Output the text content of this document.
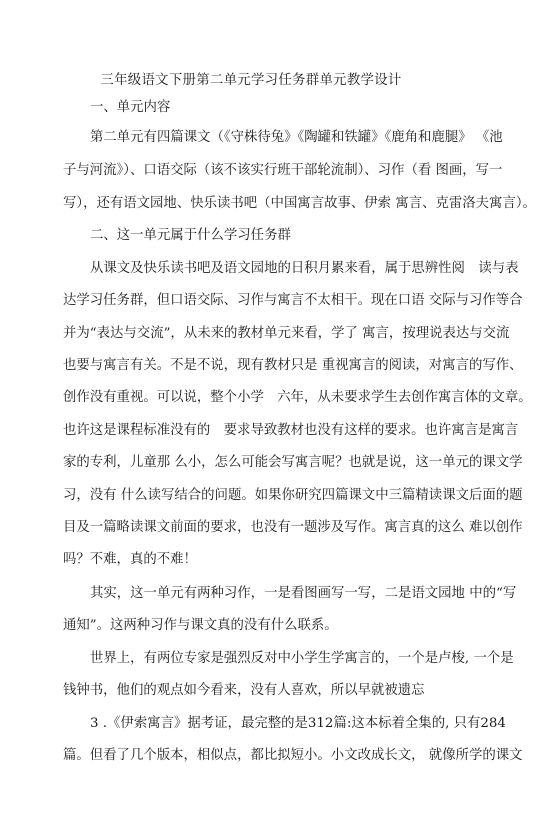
三年级语文下册第二单元学习任务群单元教学设计
一、单元内容
第二单元有四篇课文（《守株待兔》《陶罐和铁罐》《鹿角和鹿腿》 《池
子与河流》）、口语交际（该不该实行班干部轮流制）、习作（看 图画，写一
写），还有语文园地、快乐读书吧（中国寓言故事、伊索 寓言、克雷洛夫寓言）。
二、这一单元属于什么学习任务群
从课文及快乐读书吧及语文园地的日积月累来看，属于思辨性阅　读与表
达学习任务群，但口语交际、习作与寓言不太相干。现在口语 交际与习作等合
并为“表达与交流”，从未来的教材单元来看，学了 寓言，按理说表达与交流
也要与寓言有关。不是不说，现有教材只是 重视寓言的阅读，对寓言的写作、
创作没有重视。可以说，整个小学　六年，从未要求学生去创作寓言体的文章。
也许这是课程标准没有的　要求导致教材也没有这样的要求。也许寓言是寓言
家的专利，儿童那 么小，怎么可能会写寓言呢？也就是说，这一单元的课文学
习，没有 什么读写结合的问题。如果你研究四篇课文中三篇精读课文后面的题
目及一篇略读课文前面的要求，也没有一题涉及写作。寓言真的这么 难以创作
吗？不难，真的不难！
其实，这一单元有两种习作，一是看图画写一写，二是语文园地 中的“写
通知”。这两种习作与课文真的没有什么联系。
世界上，有两位专家是强烈反对中小学生学寓言的，一个是卢梭, 一个是
钱钟书，他们的观点如今看来，没有人喜欢，所以早就被遗忘
3 .《伊索寓言》据考证，最完整的是312篇:这本标着全集的, 只有284
篇。但看了几个版本，相似点，都比拟短小。小文改成长文， 就像所学的课文
